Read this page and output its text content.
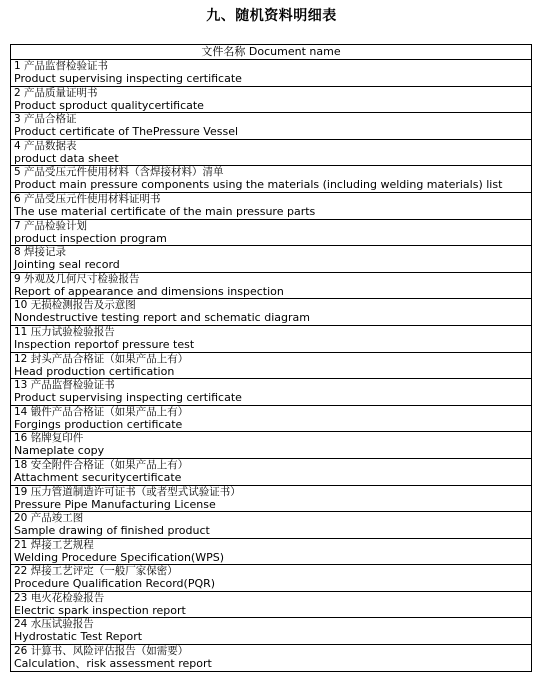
九、随机资料明细表
文件名称 Document name

1 产品监督检验证书
Product supervising inspecting certificate

2 产品质量证明书
Product sproduct qualitycertificate

3 产品合格证
Product certificate of ThePressure Vessel

4 产品数据表
product data sheet

5 产品受压元件使用材料（含焊接材料）清单
Product main pressure components using the materials (including welding materials) list

6 产品受压元件使用材料证明书
The use material certificate of the main pressure parts

7 产品检验计划
product inspection program

8 焊接记录
Jointing seal record

9 外观及几何尺寸检验报告
Report of appearance and dimensions inspection

10 无损检测报告及示意图
Nondestructive testing report and schematic diagram

11 压力试验检验报告
Inspection reportof pressure test

12 封头产品合格证（如果产品上有）
Head production certification

13 产品监督检验证书
Product supervising inspecting certificate

14 锻件产品合格证（如果产品上有）
Forgings production certificate

16 铭牌复印件
Nameplate copy

18 安全附件合格证（如果产品上有）
Attachment securitycertificate

19 压力管道制造许可证书（或者型式试验证书）
Pressure Pipe Manufacturing License

20 产品竣工图
Sample drawing of finished product

21 焊接工艺规程
Welding Procedure Specification(WPS)

22 焊接工艺评定（一般厂家保密）
Procedure Qualification Record(PQR)

23 电火花检验报告
Electric spark inspection report

24 水压试验报告
Hydrostatic Test Report

26 计算书、风险评估报告（如需要）
Calculation、risk assessment report
